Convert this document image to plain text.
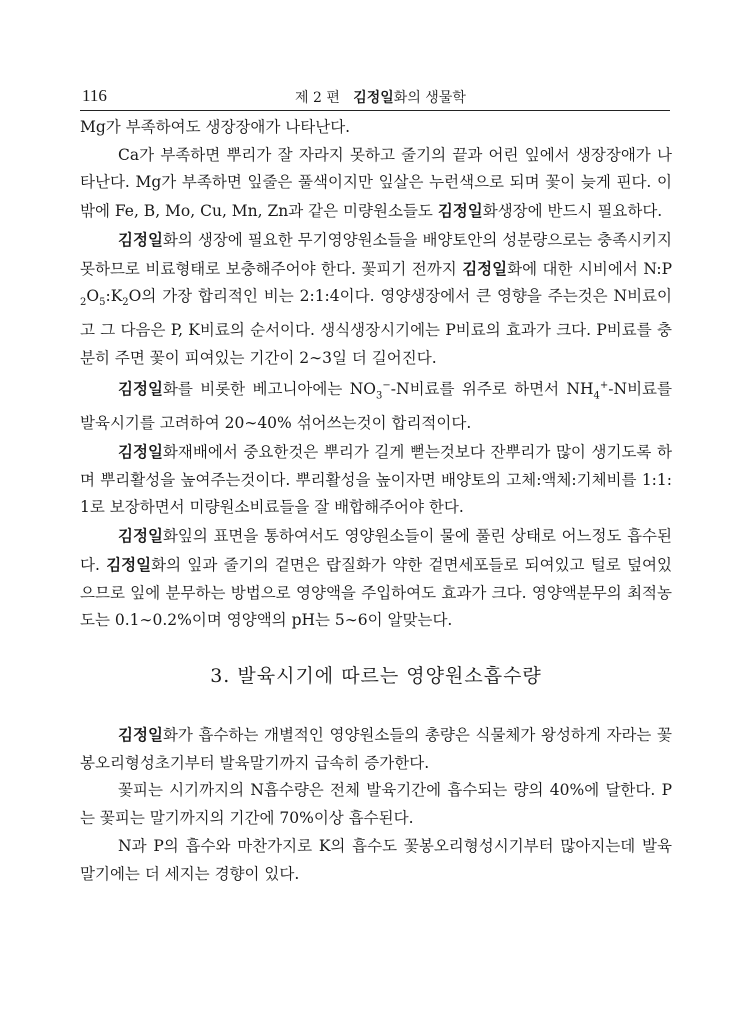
116	제 2 편 김정일화의 생물학

Mg가 부족하여도 생장장애가 나타난다.

Ca가 부족하면 뿌리가 잘 자라지 못하고 줄기의 끝과 어린 잎에서 생장장애가 나타난다. Mg가 부족하면 잎줄은 풀색이지만 잎살은 누런색으로 되며 꽃이 늦게 핀다. 이밖에 Fe, B, Mo, Cu, Mn, Zn과 같은 미량원소들도 김정일화생장에 반드시 필요하다.

김정일화의 생장에 필요한 무기영양원소들을 배양토안의 성분량으로는 충족시키지 못하므로 비료형태로 보충해주어야 한다. 꽃피기 전까지 김정일화에 대한 시비에서 $N:P_2O_5:K_2O$의 가장 합리적인 비는 2:1:4이다. 영양생장에서 큰 영향을 주는것은 N비료이고 그 다음은 P, K비료의 순서이다. 생식생장시기에는 P비료의 효과가 크다. P비료를 충분히 주면 꽃이 피여있는 기간이 2∼3일 더 길어진다.

김정일화를 비롯한 베고니아에는 $NO_3^--N$비료를 위주로 하면서 $NH_4^+-N$비료를 발육시기를 고려하여 20∼40% 섞어쓰는것이 합리적이다.

김정일화재배에서 중요한것은 뿌리가 길게 뻗는것보다 잔뿌리가 많이 생기도록 하며 뿌리활성을 높여주는것이다. 뿌리활성을 높이자면 배양토의 고체:액체:기체비를 1:1:1로 보장하면서 미량원소비료들을 잘 배합해주어야 한다.

김정일화잎의 표면을 통하여서도 영양원소들이 물에 풀린 상태로 어느정도 흡수된다. 김정일화의 잎과 줄기의 겉면은 랍질화가 약한 겉면세포들로 되여있고 털로 덮여있으므로 잎에 분무하는 방법으로 영양액을 주입하여도 효과가 크다. 영양액분무의 최적농도는 0.1∼0.2%이며 영양액의 pH는 5∼6이 알맞는다.

3. 발육시기에 따르는 영양원소흡수량

김정일화가 흡수하는 개별적인 영양원소들의 총량은 식물체가 왕성하게 자라는 꽃봉오리형성초기부터 발육말기까지 급속히 증가한다.

꽃피는 시기까지의 N흡수량은 전체 발육기간에 흡수되는 량의 40%에 달한다. P는 꽃피는 말기까지의 기간에 70%이상 흡수된다.

N과 P의 흡수와 마찬가지로 K의 흡수도 꽃봉오리형성시기부터 많아지는데 발육말기에는 더 세지는 경향이 있다.
